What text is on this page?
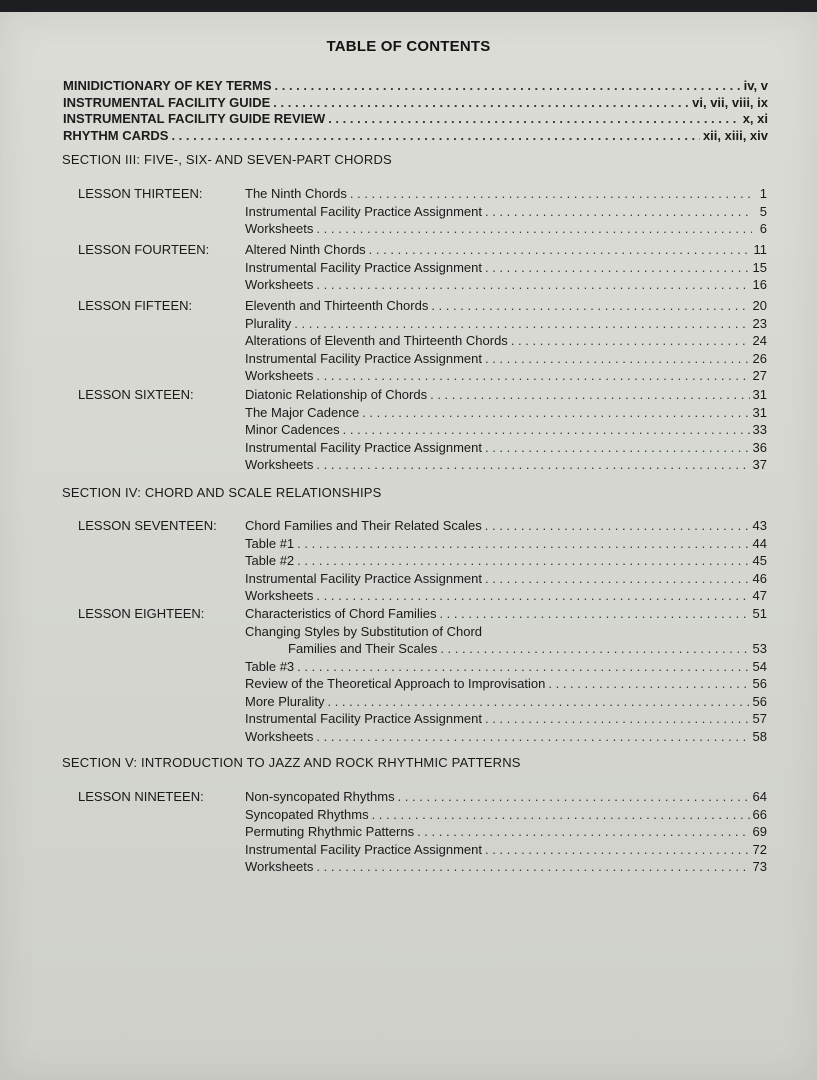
TABLE OF CONTENTS
MINIDICTIONARY OF KEY TERMS . . .	iv, v
INSTRUMENTAL FACILITY GUIDE . . .	vi, vii, viii, ix
INSTRUMENTAL FACILITY GUIDE REVIEW . . .	x, xi
RHYTHM CARDS . . .	xii, xiii, xiv
SECTION III: FIVE-, SIX- AND SEVEN-PART CHORDS
LESSON THIRTEEN:	The Ninth Chords . . .	1
Instrumental Facility Practice Assignment . . .	5
Worksheets . . .	6
LESSON FOURTEEN:	Altered Ninth Chords . . .	11
Instrumental Facility Practice Assignment . . .	15
Worksheets . . .	16
LESSON FIFTEEN:	Eleventh and Thirteenth Chords . . .	20
Plurality . . .	23
Alterations of Eleventh and Thirteenth Chords . . .	24
Instrumental Facility Practice Assignment . . .	26
Worksheets . . .	27
LESSON SIXTEEN:	Diatonic Relationship of Chords . . .	31
The Major Cadence . . .	31
Minor Cadences . . .	33
Instrumental Facility Practice Assignment . . .	36
Worksheets . . .	37
SECTION IV: CHORD AND SCALE RELATIONSHIPS
LESSON SEVENTEEN: Chord Families and Their Related Scales . . .	43
Table #1 . . .	44
Table #2 . . .	45
Instrumental Facility Practice Assignment . . .	46
Worksheets . . .	47
LESSON EIGHTEEN:	Characteristics of Chord Families . . .	51
Changing Styles by Substitution of Chord
Families and Their Scales . . .	53
Table #3 . . .	54
Review of the Theoretical Approach to Improvisation . . .	56
More Plurality . . .	56
Instrumental Facility Practice Assignment . . .	57
Worksheets . . .	58
SECTION V: INTRODUCTION TO JAZZ AND ROCK RHYTHMIC PATTERNS
LESSON NINETEEN:	Non-syncopated Rhythms . . .	64
Syncopated Rhythms . . .	66
Permuting Rhythmic Patterns . . .	69
Instrumental Facility Practice Assignment . . .	72
Worksheets . . .	73
